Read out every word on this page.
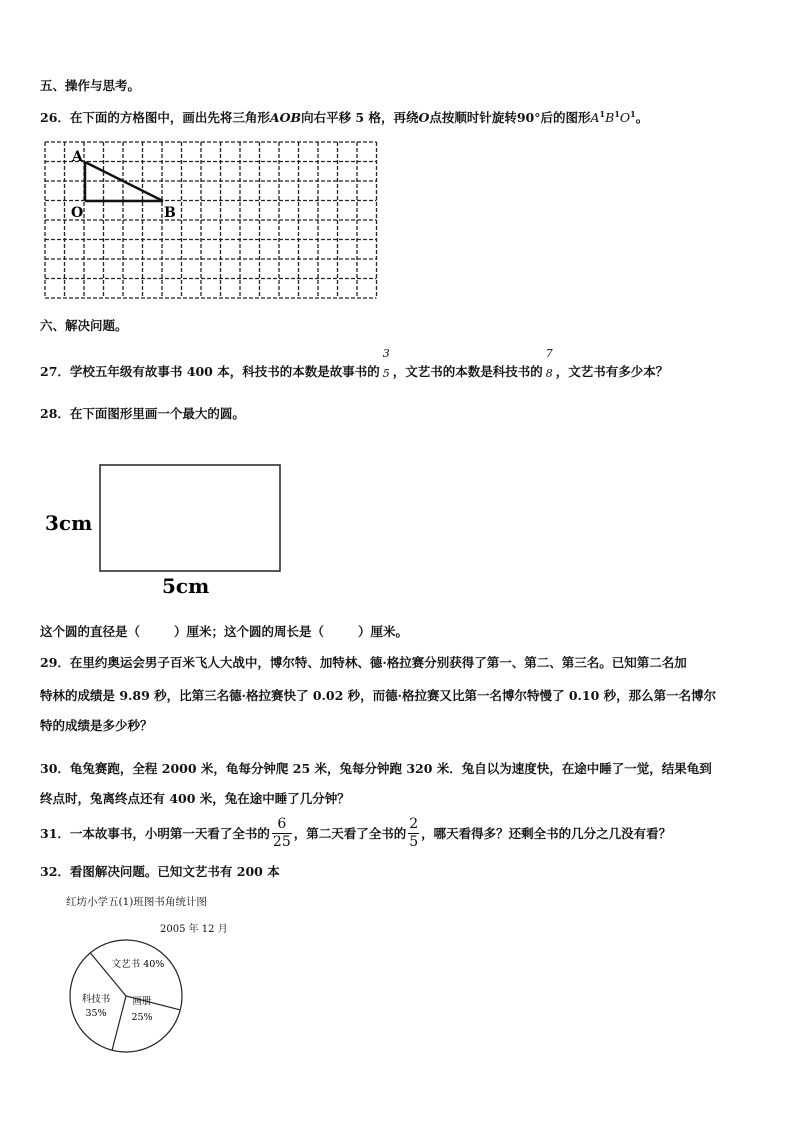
五、操作与思考。
26．在下面的方格图中，画出先将三角形AOB向右平移 5 格，再绕O点按顺时针旋转90°后的图形$A^1B^1O^1$。
A
O	B
六、解决问题。
27．学校五年级有故事书 400 本，科技书的本数是故事书的
3
5 ，文艺书的本数是科技书的
7
8 ，文艺书有多少本？
28．在下面图形里画一个最大的圆。
3cm
5cm
这个圆的直径是（	）厘米；这个圆的周长是（	）厘米。
29．在里约奥运会男子百米飞人大战中，博尔特、加特林、德·格拉赛分别获得了第一、第二、第三名。已知第二名加
特林的成绩是 9.89 秒，比第三名德·格拉赛快了 0.02 秒，而德·格拉赛又比第一名博尔特慢了 0.10 秒，那么第一名博尔
特的成绩是多少秒？
30．龟兔赛跑，全程 2000 米，龟每分钟爬 25 米，兔每分钟跑 320 米．兔自以为速度快，在途中睡了一觉，结果龟到
终点时，兔离终点还有 400 米，兔在途中睡了几分钟？
31．一本故事书，小明第一天看了全书的 $\frac{6}{25}$ ，第二天看了全书的 $\frac{2}{5}$ ，哪天看得多？还剩全书的几分之几没有看？
32．看图解决问题。已知文艺书有 200 本
红坊小学五(1)班图书角统计图
2005 年 12 月
文艺书 40%
科技书
35%
画册
25%
